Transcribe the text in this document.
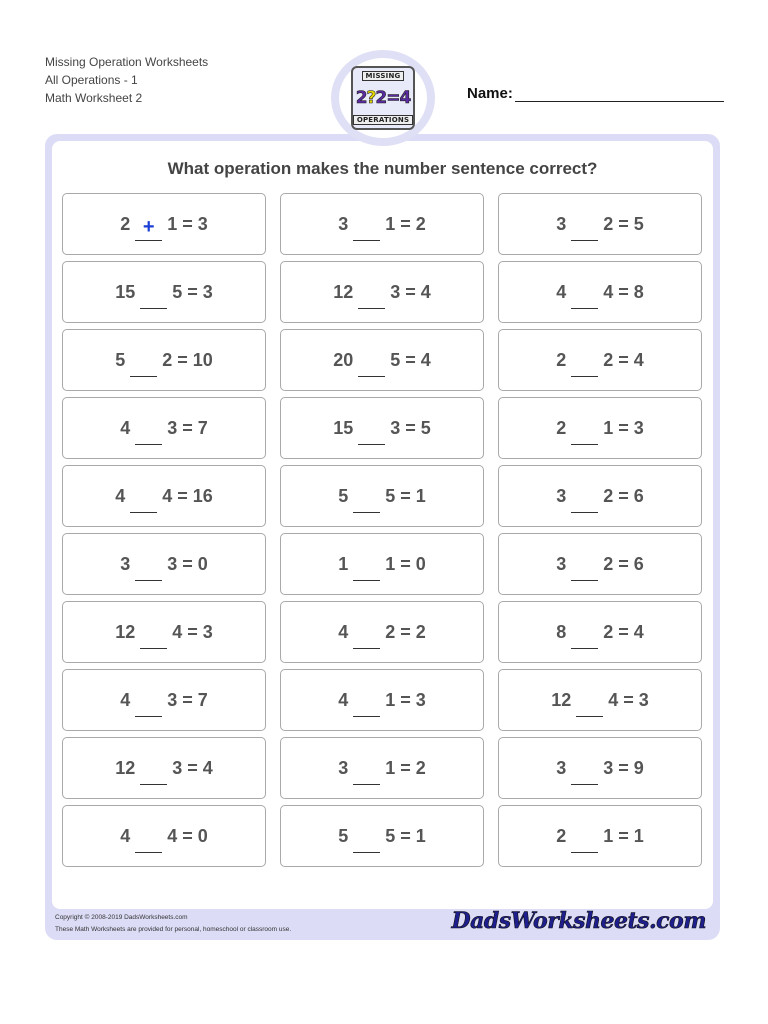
Missing Operation Worksheets
All Operations - 1
Math Worksheet 2
MISSING
2?2=4
OPERATIONS
Name:
What operation makes the number sentence correct?
2 + 1 = 3	3 1 = 2	3 2 = 5
15 5 = 3	12 3 = 4	4 4 = 8
5 2 = 10	20 5 = 4	2 2 = 4
4 3 = 7	15 3 = 5	2 1 = 3
4 4 = 16	5 5 = 1	3 2 = 6
3 3 = 0	1 1 = 0	3 2 = 6
12 4 = 3	4 2 = 2	8 2 = 4
4 3 = 7	4 1 = 3	12 4 = 3
12 3 = 4	3 1 = 2	3 3 = 9
4 4 = 0	5 5 = 1	2 1 = 1
Copyright © 2008-2019 DadsWorksheets.com
These Math Worksheets are provided for personal, homeschool or classroom use.	DadsWorksheets.com
